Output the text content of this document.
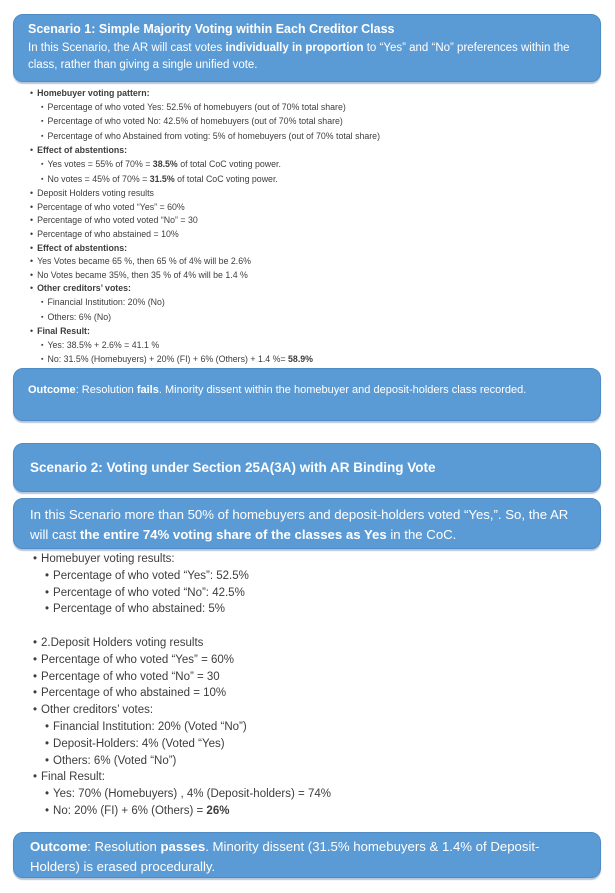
Scenario 1: Simple Majority Voting within Each Creditor Class
In this Scenario, the AR will cast votes individually in proportion to “Yes” and “No” preferences within the class, rather than giving a single unified vote.
• Homebuyer voting pattern:
▪ Percentage of who voted Yes: 52.5% of homebuyers (out of 70% total share)
▪ Percentage of who voted No: 42.5% of homebuyers (out of 70% total share)
▪ Percentage of who Abstained from voting: 5% of homebuyers (out of 70% total share)
• Effect of abstentions:
▪ Yes votes = 55% of 70% = 38.5% of total CoC voting power.
▪ No votes = 45% of 70% = 31.5% of total CoC voting power.
• Deposit Holders voting results
• Percentage of who voted “Yes” = 60%
• Percentage of who voted voted “No” = 30
• Percentage of who abstained = 10%
• Effect of abstentions:
• Yes Votes became 65 %, then 65 % of 4% will be 2.6%
• No Votes became 35%, then 35 % of 4% will be 1.4 %
• Other creditors’ votes:
▪ Financial Institution: 20% (No)
▪ Others: 6% (No)
• Final Result:
▪ Yes: 38.5% + 2.6% = 41.1 %
▪ No: 31.5% (Homebuyers) + 20% (FI) + 6% (Others) + 1.4 %= 58.9%
Outcome: Resolution fails. Minority dissent within the homebuyer and deposit-holders class recorded.
Scenario 2: Voting under Section 25A(3A) with AR Binding Vote
In this Scenario more than 50% of homebuyers and deposit-holders voted “Yes,”. So, the AR will cast the entire 74% voting share of the classes as Yes in the CoC.
• Homebuyer voting results:
• Percentage of who voted “Yes”: 52.5%
• Percentage of who voted “No”: 42.5%
• Percentage of who abstained: 5%
• 2.Deposit Holders voting results
• Percentage of who voted “Yes” = 60%
• Percentage of who voted “No” = 30
• Percentage of who abstained = 10%
• Other creditors’ votes:
• Financial Institution: 20% (Voted “No”)
• Deposit-Holders: 4% (Voted “Yes)
• Others: 6% (Voted “No”)
• Final Result:
• Yes: 70% (Homebuyers) , 4% (Deposit-holders) = 74%
• No: 20% (FI) + 6% (Others) = 26%
Outcome: Resolution passes. Minority dissent (31.5% homebuyers & 1.4% of Deposit-Holders) is erased procedurally.
